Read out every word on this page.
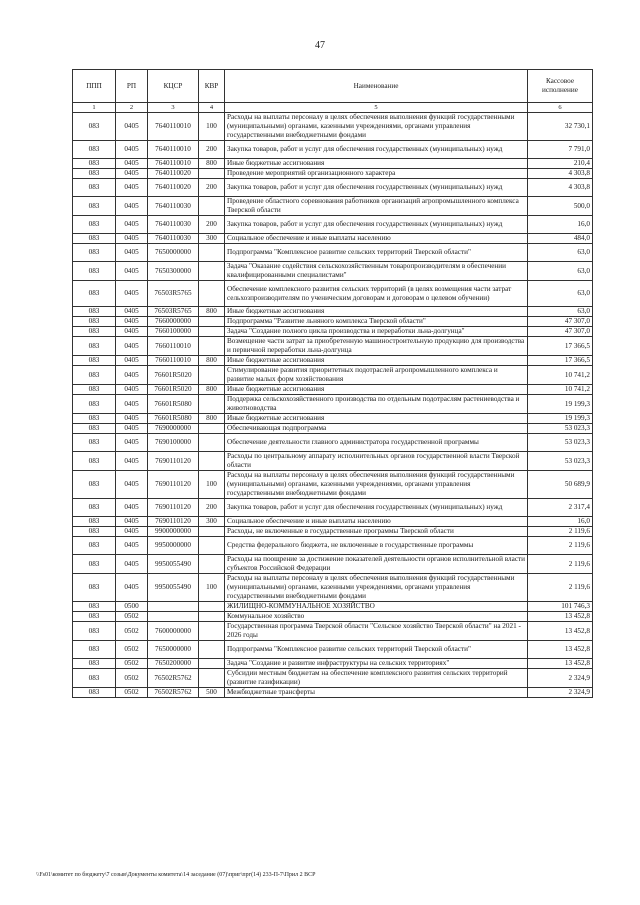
47
ППП	РП	КЦСР	КВР	Наименование	Кассовое исполнение
1	2	3	4	5	6
083	0405	7640110010	100	Расходы на выплаты персоналу в целях обеспечения выполнения функций государственными (муниципальными) органами, казенными учреждениями, органами управления государственными внебюджетными фондами	32 730,1
083	0405	7640110010	200	Закупка товаров, работ и услуг для обеспечения государственных (муниципальных) нужд	7 791,0
083	0405	7640110010	800	Иные бюджетные ассигнования	210,4
083	0405	7640110020		Проведение мероприятий организационного характера	4 303,8
083	0405	7640110020	200	Закупка товаров, работ и услуг для обеспечения государственных (муниципальных) нужд	4 303,8
083	0405	7640110030		Проведение областного соревнования работников организаций агропромышленного комплекса Тверской области	500,0
083	0405	7640110030	200	Закупка товаров, работ и услуг для обеспечения государственных (муниципальных) нужд	16,0
083	0405	7640110030	300	Социальное обеспечение и иные выплаты населению	484,0
083	0405	7650000000		Подпрограмма "Комплексное развитие сельских территорий Тверской области"	63,0
083	0405	7650300000		Задача "Оказание содействия сельскохозяйственным товаропроизводителям в обеспечении квалифицированными специалистами"	63,0
083	0405	76503R5765		Обеспечение комплексного развития сельских территорий (в целях возмещения части затрат сельхозпроизводителям по ученическим договорам и договорам о целевом обучении)	63,0
083	0405	76503R5765	800	Иные бюджетные ассигнования	63,0
083	0405	7660000000		Подпрограмма "Развитие льняного комплекса Тверской области"	47 307,0
083	0405	7660100000		Задача "Создание полного цикла производства и переработки льна-долгунца"	47 307,0
083	0405	7660110010		Возмещение части затрат за приобретенную машиностроительную продукцию для производства и первичной переработки льна-долгунца	17 366,5
083	0405	7660110010	800	Иные бюджетные ассигнования	17 366,5
083	0405	76601R5020		Стимулирование развития приоритетных подотраслей агропромышленного комплекса и развитие малых форм хозяйствования	10 741,2
083	0405	76601R5020	800	Иные бюджетные ассигнования	10 741,2
083	0405	76601R5080		Поддержка сельскохозяйственного производства по отдельным подотраслям растениеводства и животноводства	19 199,3
083	0405	76601R5080	800	Иные бюджетные ассигнования	19 199,3
083	0405	7690000000		Обеспечивающая подпрограмма	53 023,3
083	0405	7690100000		Обеспечение деятельности главного администратора государственной программы	53 023,3
083	0405	7690110120		Расходы по центральному аппарату исполнительных органов государственной власти Тверской области	53 023,3
083	0405	7690110120	100	Расходы на выплаты персоналу в целях обеспечения выполнения функций государственными (муниципальными) органами, казенными учреждениями, органами управления государственными внебюджетными фондами	50 689,9
083	0405	7690110120	200	Закупка товаров, работ и услуг для обеспечения государственных (муниципальных) нужд	2 317,4
083	0405	7690110120	300	Социальное обеспечение и иные выплаты населению	16,0
083	0405	9900000000		Расходы, не включенные в государственные программы Тверской области	2 119,6
083	0405	9950000000		Средства федерального бюджета, не включенные в государственные программы	2 119,6
083	0405	9950055490		Расходы на поощрение за достижение показателей деятельности органов исполнительной власти субъектов Российской Федерации	2 119,6
083	0405	9950055490	100	Расходы на выплаты персоналу в целях обеспечения выполнения функций государственными (муниципальными) органами, казенными учреждениями, органами управления государственными внебюджетными фондами	2 119,6
083	0500			ЖИЛИЩНО-КОММУНАЛЬНОЕ ХОЗЯЙСТВО	101 746,3
083	0502			Коммунальное хозяйство	13 452,8
083	0502	7600000000		Государственная программа Тверской области "Сельское хозяйство Тверской области" на 2021 - 2026 годы	13 452,8
083	0502	7650000000		Подпрограмма "Комплексное развитие сельских территорий Тверской области"	13 452,8
083	0502	7650200000		Задача "Создание и развитие инфраструктуры на сельских территориях"	13 452,8
083	0502	76502R5762		Субсидии местным бюджетам на обеспечение комплексного развития сельских территорий (развитие газификации)	2 324,9
083	0502	76502R5762	500	Межбюджетные трансферты	2 324,9
\\Fs01\комитет по бюджету\7 созыв\Документы комитета\14 заседание (07)\приг\прг(14) 233-П-7\Прил 2 ВСР
